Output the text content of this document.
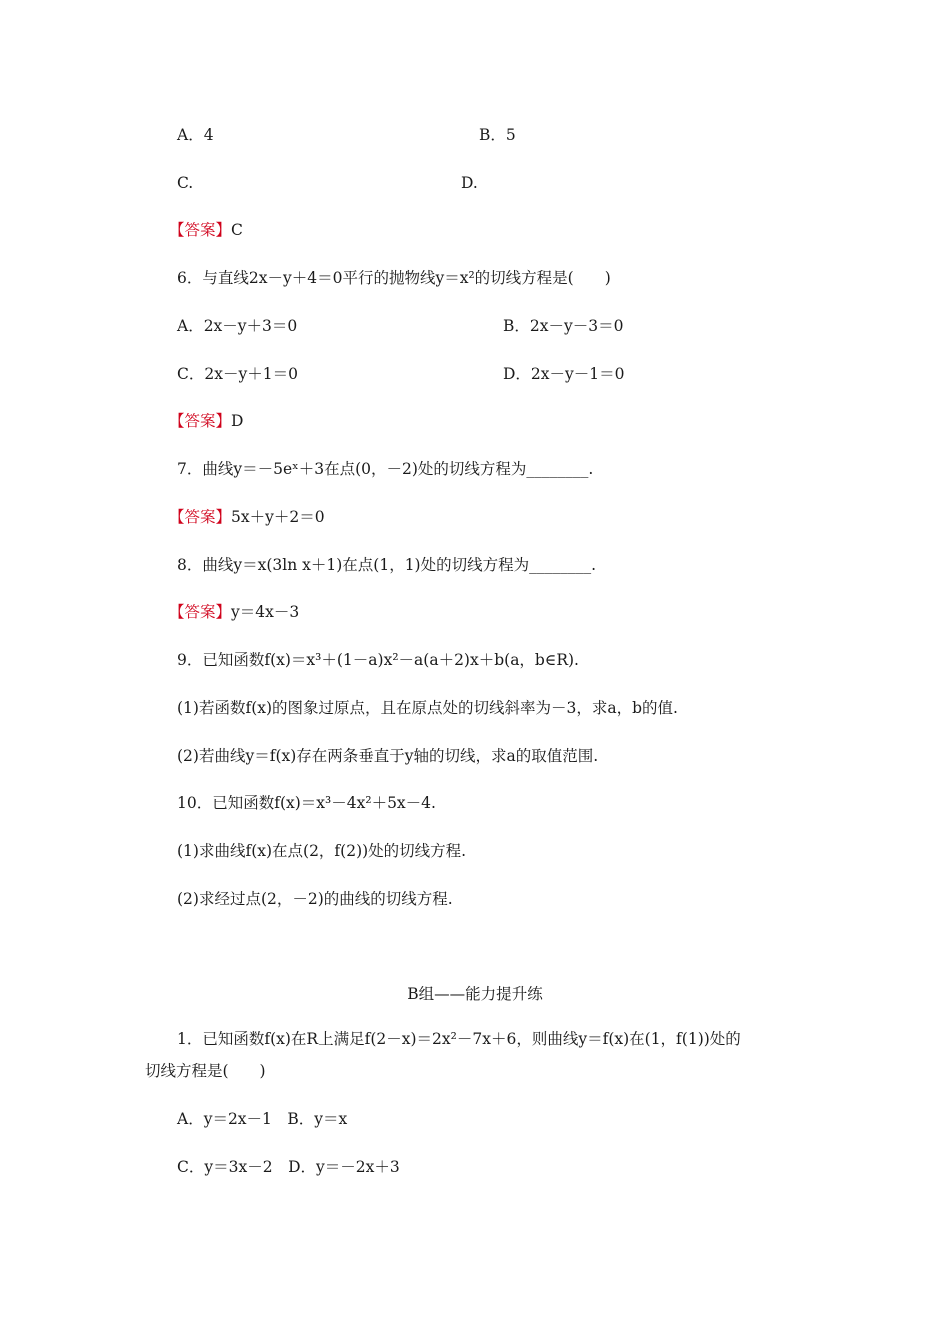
A．4	B．5
C.	D.
【答案】C
6．与直线2x－y＋4＝0平行的抛物线y＝x²的切线方程是(　　)
A．2x－y＋3＝0	B．2x－y－3＝0
C．2x－y＋1＝0	D．2x－y－1＝0
【答案】D
7．曲线y＝－5eˣ＋3在点(0，－2)处的切线方程为________.
【答案】5x＋y＋2＝0
8．曲线y＝x(3ln x＋1)在点(1，1)处的切线方程为________.
【答案】y＝4x－3
9．已知函数f(x)＝x³＋(1－a)x²－a(a＋2)x＋b(a，b∈R).
(1)若函数f(x)的图象过原点，且在原点处的切线斜率为－3，求a，b的值.
(2)若曲线y＝f(x)存在两条垂直于y轴的切线，求a的取值范围.
10．已知函数f(x)＝x³－4x²＋5x－4.
(1)求曲线f(x)在点(2，f(2))处的切线方程.
(2)求经过点(2，－2)的曲线的切线方程.
B组——能力提升练
1．已知函数f(x)在R上满足f(2－x)＝2x²－7x＋6，则曲线y＝f(x)在(1，f(1))处的
切线方程是(　　)
A．y＝2x－1　B．y＝x
C．y＝3x－2　D．y＝－2x＋3
